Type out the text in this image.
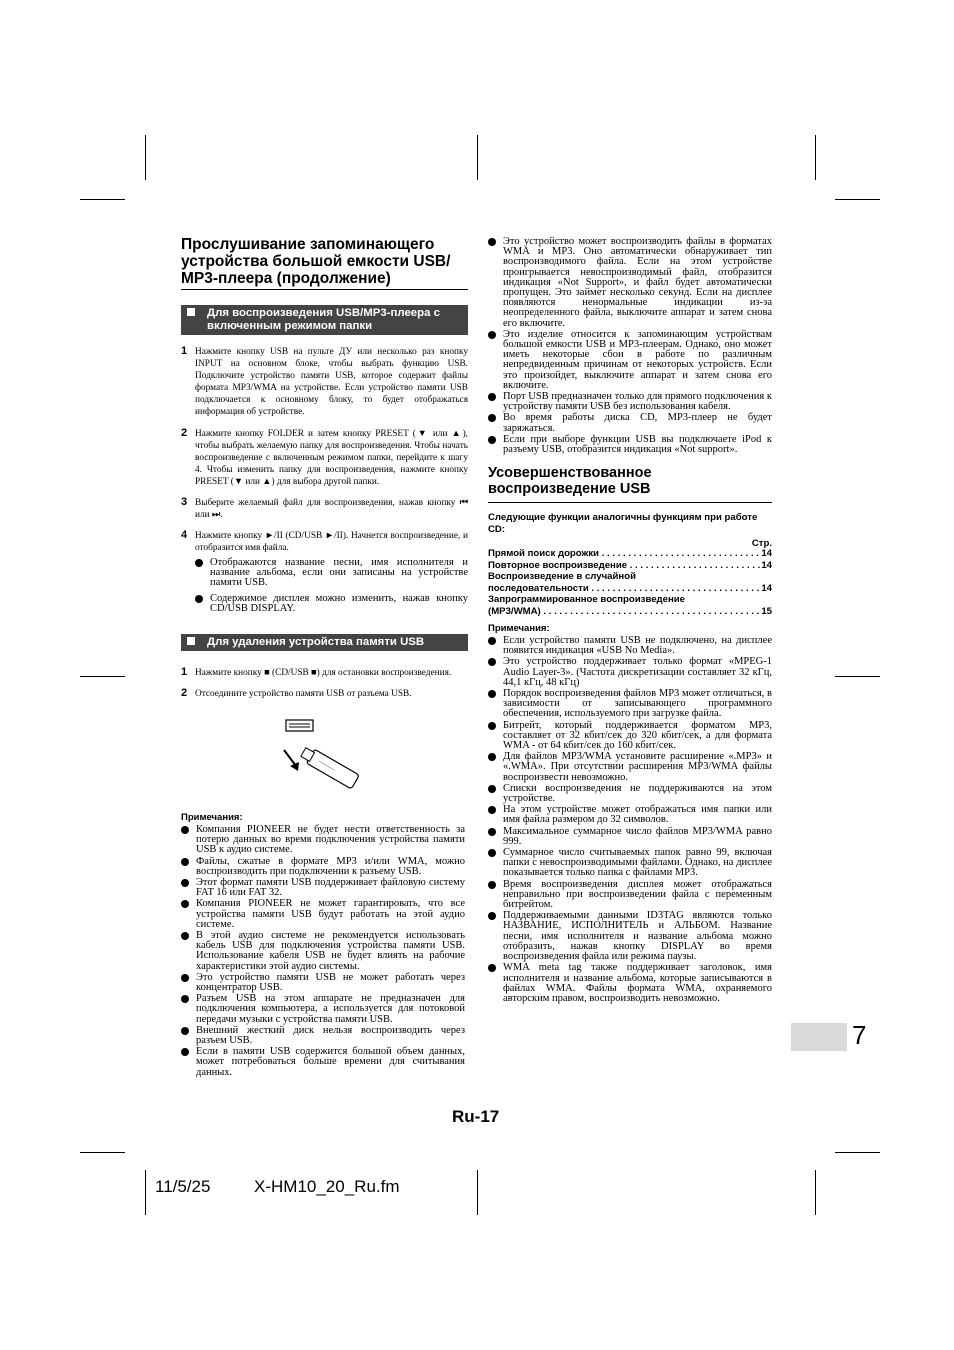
Прослушивание запоминающего устройства большой емкости USB/ MP3-плеера (продолжение)
Для воспроизведения USB/MP3-плеера с включенным режимом папки
1 Нажмите кнопку USB на пульте ДУ или несколько раз кнопку INPUT на основном блоке, чтобы выбрать функцию USB. Подключите устройство памяти USB, которое содержит файлы формата MP3/WMA на устройстве. Если устройство памяти USB подключается к основному блоку, то будет отображаться информация об устройстве.
2 Нажмите кнопку FOLDER и затем кнопку PRESET (▼ или ▲), чтобы выбрать желаемую папку для воспроизведения. Чтобы начать воспроизведение с включенным режимом папки, перейдите к шагу 4. Чтобы изменить папку для воспроизведения, нажмите кнопку PRESET (▼ или ▲) для выбора другой папки.
3 Выберите желаемый файл для воспроизведения, нажав кнопку ⏮ или ⏭.
4 Нажмите кнопку ►/II (CD/USB ►/II). Начнется воспроизведение, и отобразится имя файла.
Отображаются название песни, имя исполнителя и название альбома, если они записаны на устройстве памяти USB.
Содержимое дисплея можно изменить, нажав кнопку CD/USB DISPLAY.
Для удаления устройства памяти USB
1 Нажмите кнопку ■ (CD/USB ■) для остановки воспроизведения.
2 Отсоедините устройство памяти USB от разъема USB.
Примечания:
Компания PIONEER не будет нести ответственность за потерю данных во время подключения устройства памяти USB к аудио системе.
Файлы, сжатые в формате MP3 и/или WMA, можно воспроизводить при подключении к разъему USB.
Этот формат памяти USB поддерживает файловую систему FAT 16 или FAT 32.
Компания PIONEER не может гарантировать, что все устройства памяти USB будут работать на этой аудио системе.
В этой аудио системе не рекомендуется использовать кабель USB для подключения устройства памяти USB. Использование кабеля USB не будет влиять на рабочие характеристики этой аудио системы.
Это устройство памяти USB не может работать через концентратор USB.
Разъем USB на этом аппарате не предназначен для подключения компьютера, а используется для потоковой передачи музыки с устройства памяти USB.
Внешний жесткий диск нельзя воспроизводить через разъем USB.
Если в памяти USB содержится большой объем данных, может потребоваться больше времени для считывания данных.
Ru-17
Это устройство может воспроизводить файлы в форматах WMA и MP3. Оно автоматически обнаруживает тип воспроизводимого файла. Если на этом устройстве проигрывается невоспроизводимый файл, отобразится индикация «Not Support», и файл будет автоматически пропущен. Это займет несколько секунд. Если на дисплее появляются ненормальные индикации из-за неопределенного файла, выключите аппарат и затем снова его включите.
Это изделие относится к запоминающим устройствам большой емкости USB и MP3-плеерам. Однако, оно может иметь некоторые сбои в работе по различным непредвиденным причинам от некоторых устройств. Если это произойдет, выключите аппарат и затем снова его включите.
Порт USB предназначен только для прямого подключения к устройству памяти USB без использования кабеля.
Во время работы диска CD, MP3-плеер не будет заряжаться.
Если при выборе функции USB вы подключаете iPod к разъему USB, отобразится индикация «Not support».
Усовершенствованное воспроизведение USB
Следующие функции аналогичны функциям при работе CD:
Стр.
Прямой поиск дорожки . . .	14
Повторное воспроизведение . . .	14
Воспроизведение в случайной
последовательности . . .	14
Запрограммированное воспроизведение
(MP3/WMA) . . .	15
Примечания:
Если устройство памяти USB не подключено, на дисплее появится индикация «USB No Media».
Это устройство поддерживает только формат «MPEG-1 Audio Layer-3». (Частота дискретизации составляет 32 кГц, 44,1 кГц, 48 кГц)
Порядок воспроизведения файлов MP3 может отличаться, в зависимости от записывающего программного обеспечения, используемого при загрузке файла.
Битрейт, который поддерживается форматом MP3, составляет от 32 кбит/сек до 320 кбит/сек, а для формата WMA - от 64 кбит/сек до 160 кбит/сек.
Для файлов MP3/WMA установите расширение «.MP3» и «.WMA». При отсутствии расширения MP3/WMA файлы воспроизвести невозможно.
Списки воспроизведения не поддерживаются на этом устройстве.
На этом устройстве может отображаться имя папки или имя файла размером до 32 символов.
Максимальное суммарное число файлов MP3/WMA равно 999.
Суммарное число считываемых папок равно 99, включая папки с невоспроизводимыми файлами. Однако, на дисплее показывается только папка с файлами MP3.
Время воспроизведения дисплея может отображаться неправильно при воспроизведении файла с переменным битрейтом.
Поддерживаемыми данными ID3TAG являются только НАЗВАНИЕ, ИСПОЛНИТЕЛЬ и АЛЬБОМ. Название песни, имя исполнителя и название альбома можно отобразить, нажав кнопку DISPLAY во время воспроизведения файла или режима паузы.
WMA meta tag также поддерживает заголовок, имя исполнителя и название альбома, которые записываются в файлах WMA. Файлы формата WMA, охраняемого авторским правом, воспроизводить невозможно.
7
11/5/25	X-HM10_20_Ru.fm
